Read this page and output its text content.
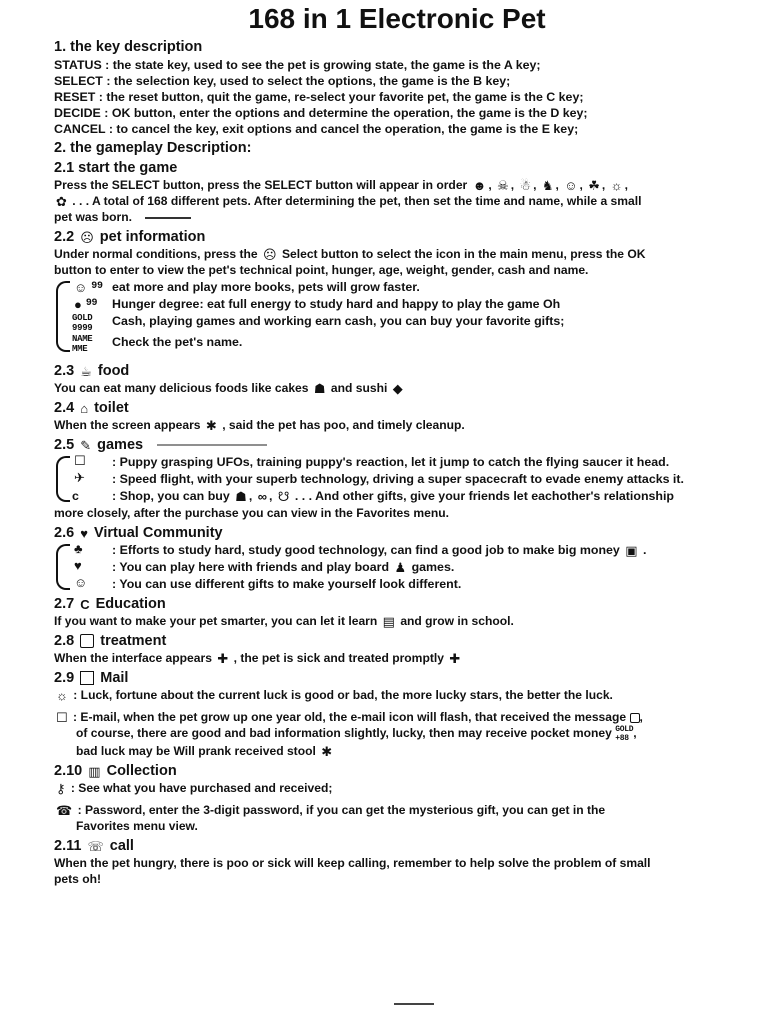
168 in 1 Electronic Pet
1. the key description

STATUS : the state key, used to see the pet is growing state, the game is the A key;

SELECT : the selection key, used to select the options, the game is the B key;

RESET : the reset button, quit the game, re-select your favorite pet, the game is the C key;

DECIDE : OK button, enter the options and determine the operation, the game is the D key;

CANCEL : to cancel the key, exit options and cancel the operation, the game is the E key;

2. the gameplay Description:
2.1 start the game

Press the SELECT button, press the SELECT button will appear in order ☻ , ☠ , ☃ , ♞ , ☺ , ☘ , ☼ ,

✿ . . . A total of 168 different pets. After determining the pet, then set the time and name, while a small

pet was born.

2.2 ☹ pet information

Under normal conditions, press the ☹ Select button to select the icon in the main menu, press the OK

button to enter to view the pet's technical point, hunger, age, weight, gender, cash and name.

☺ 99 eat more and play more books, pets will grow faster.
● 99 Hunger degree: eat full energy to study hard and happy to play the game Oh
GOLD
9999	Cash, playing games and working earn cash, you can buy your favorite gifts;
NAME
MME	Check the pet's name.
2.3 ☕ food

You can eat many delicious foods like cakes ☗ and sushi ◆

2.4 ⌂ toilet

When the screen appears ✱ , said the pet has poo, and timely cleanup.

2.5 ✎ games
☐ : Puppy grasping UFOs, training puppy's reaction, let it jump to catch the flying saucer it head.
✈ : Speed flight, with your superb technology, driving a super spacecraft to evade enemy attacks it.
c	: Shop, you can buy ☗ , ∞ , ☋ . . . And other gifts, give your friends let eachother's relationship

more closely, after the purchase you can view in the Favorites menu.

2.6 ♥ Virtual Community
♣ : Efforts to study hard, study good technology, can find a good job to make big money ▣ .
♥ : You can play here with friends and play board ♟ games.
☺ : You can use different gifts to make yourself look different.
2.7 C Education

If you want to make your pet smarter, you can let it learn ▤ and grow in school.

2.8 treatment

When the interface appears ✚ , the pet is sick and treated promptly ✚

2.9 Mail

☼ : Luck, fortune about the current luck is good or bad, the more lucky stars, the better the luck.

☐ : E-mail, when the pet grow up one year old, the e-mail icon will flash, that received the message ,

of course, there are good and bad information slightly, lucky, then may receive pocket money GOLD
+88 ,

bad luck may be Will prank received stool ✱

2.10 ▥ Collection

⚷ : See what you have purchased and received;

☎ : Password, enter the 3-digit password, if you can get the mysterious gift, you can get in the

Favorites menu view.

2.11 ☏ call

When the pet hungry, there is poo or sick will keep calling, remember to help solve the problem of small

pets oh!
